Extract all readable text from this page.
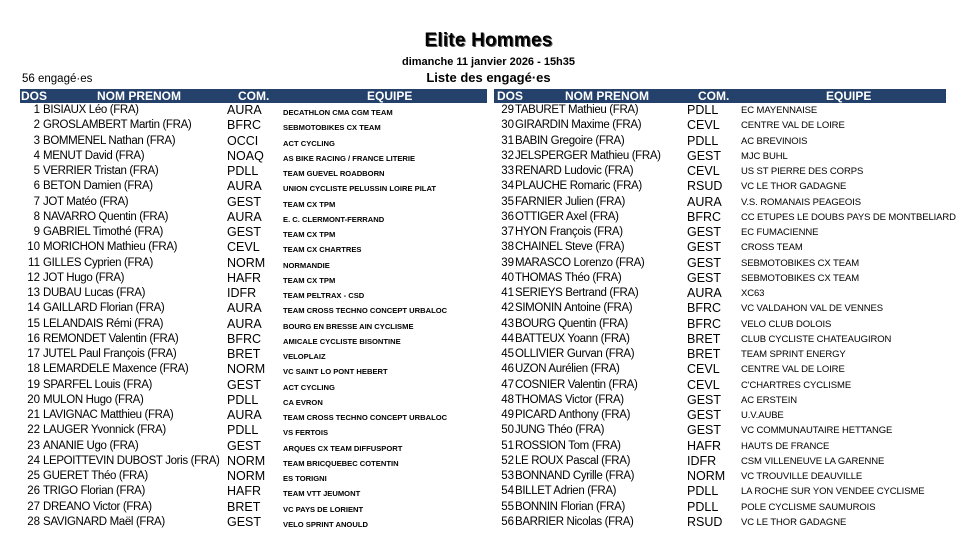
Elite Hommes
dimanche 11 janvier 2026 - 15h35
Liste des engagé·es
56 engagé·es
DOS	NOM PRENOM	COM.	EQUIPE	DOS	NOM PRENOM	COM.	EQUIPE
1 BISIAUX Léo (FRA)	AURA	DECATHLON CMA CGM TEAM
2 GROSLAMBERT Martin (FRA)	BFRC	SEBMOTOBIKES CX TEAM
3 BOMMENEL Nathan (FRA)	OCCI	ACT CYCLING
4 MENUT David (FRA)	NOAQ	AS BIKE RACING / FRANCE LITERIE
5 VERRIER Tristan (FRA)	PDLL	TEAM GUEVEL ROADBORN
6 BETON Damien (FRA)	AURA	UNION CYCLISTE PELUSSIN LOIRE PILAT
7 JOT Matéo (FRA)	GEST	TEAM CX TPM
8 NAVARRO Quentin (FRA)	AURA	E. C. CLERMONT-FERRAND
9 GABRIEL Timothé (FRA)	GEST	TEAM CX TPM
10 MORICHON Mathieu (FRA)	CEVL	TEAM CX CHARTRES
11 GILLES Cyprien (FRA)	NORM NORMANDIE
12 JOT Hugo (FRA)	HAFR	TEAM CX TPM
13 DUBAU Lucas (FRA)	IDFR	TEAM PELTRAX - CSD
14 GAILLARD Florian (FRA)	AURA	TEAM CROSS TECHNO CONCEPT URBALOC
15 LELANDAIS Rémi (FRA)	AURA	BOURG EN BRESSE AIN CYCLISME
16 REMONDET Valentin (FRA)	BFRC	AMICALE CYCLISTE BISONTINE
17 JUTEL Paul François (FRA)	BRET	VELOPLAIZ
18 LEMARDELE Maxence (FRA)	NORM VC SAINT LO PONT HEBERT
19 SPARFEL Louis (FRA)	GEST	ACT CYCLING
20 MULON Hugo (FRA)	PDLL	CA EVRON
21 LAVIGNAC Matthieu (FRA)	AURA	TEAM CROSS TECHNO CONCEPT URBALOC
22 LAUGER Yvonnick (FRA)	PDLL	VS FERTOIS
23 ANANIE Ugo (FRA)	GEST	ARQUES CX TEAM DIFFUSPORT
24 LEPOITTEVIN DUBOST Joris (FRA) NORM TEAM BRICQUEBEC COTENTIN
25 GUERET Théo (FRA)	NORM ES TORIGNI
26 TRIGO Florian (FRA)	HAFR	TEAM VTT JEUMONT
27 DREANO Victor (FRA)	BRET	VC PAYS DE LORIENT
28 SAVIGNARD Maël (FRA)	GEST	VELO SPRINT ANOULD
29 TABURET Mathieu (FRA)	PDLL EC MAYENNAISE
30 GIRARDIN Maxime (FRA)	CEVL CENTRE VAL DE LOIRE
31 BABIN Gregoire (FRA)	PDLL AC BREVINOIS
32 JELSPERGER Mathieu (FRA) GEST MJC BUHL
33 RENARD Ludovic (FRA)	CEVL US ST PIERRE DES CORPS
34 PLAUCHE Romaric (FRA)	RSUD VC LE THOR GADAGNE
35 FARNIER Julien (FRA)	AURA V.S. ROMANAIS PEAGEOIS
36 OTTIGER Axel (FRA)	BFRC CC ETUPES LE DOUBS PAYS DE MONTBELIARD
37 HYON François (FRA)	GEST EC FUMACIENNE
38 CHAINEL Steve (FRA)	GEST CROSS TEAM
39 MARASCO Lorenzo (FRA)	GEST SEBMOTOBIKES CX TEAM
40 THOMAS Théo (FRA)	GEST SEBMOTOBIKES CX TEAM
41 SERIEYS Bertrand (FRA)	AURA XC63
42 SIMONIN Antoine (FRA)	BFRC VC VALDAHON VAL DE VENNES
43 BOURG Quentin (FRA)	BFRC VELO CLUB DOLOIS
44 BATTEUX Yoann (FRA)	BRET CLUB CYCLISTE CHATEAUGIRON
45 OLLIVIER Gurvan (FRA)	BRET TEAM SPRINT ENERGY
46 UZON Aurélien (FRA)	CEVL CENTRE VAL DE LOIRE
47 COSNIER Valentin (FRA)	CEVL C'CHARTRES CYCLISME
48 THOMAS Victor (FRA)	GEST AC ERSTEIN
49 PICARD Anthony (FRA)	GEST U.V.AUBE
50 JUNG Théo (FRA)	GEST VC COMMUNAUTAIRE HETTANGE
51 ROSSION Tom (FRA)	HAFR HAUTS DE FRANCE
52 LE ROUX Pascal (FRA)	IDFR	CSM VILLENEUVE LA GARENNE
53 BONNAND Cyrille (FRA)	NORM VC TROUVILLE DEAUVILLE
54 BILLET Adrien (FRA)	PDLL LA ROCHE SUR YON VENDEE CYCLISME
55 BONNIN Florian (FRA)	PDLL POLE CYCLISME SAUMUROIS
56 BARRIER Nicolas (FRA)	RSUD VC LE THOR GADAGNE
